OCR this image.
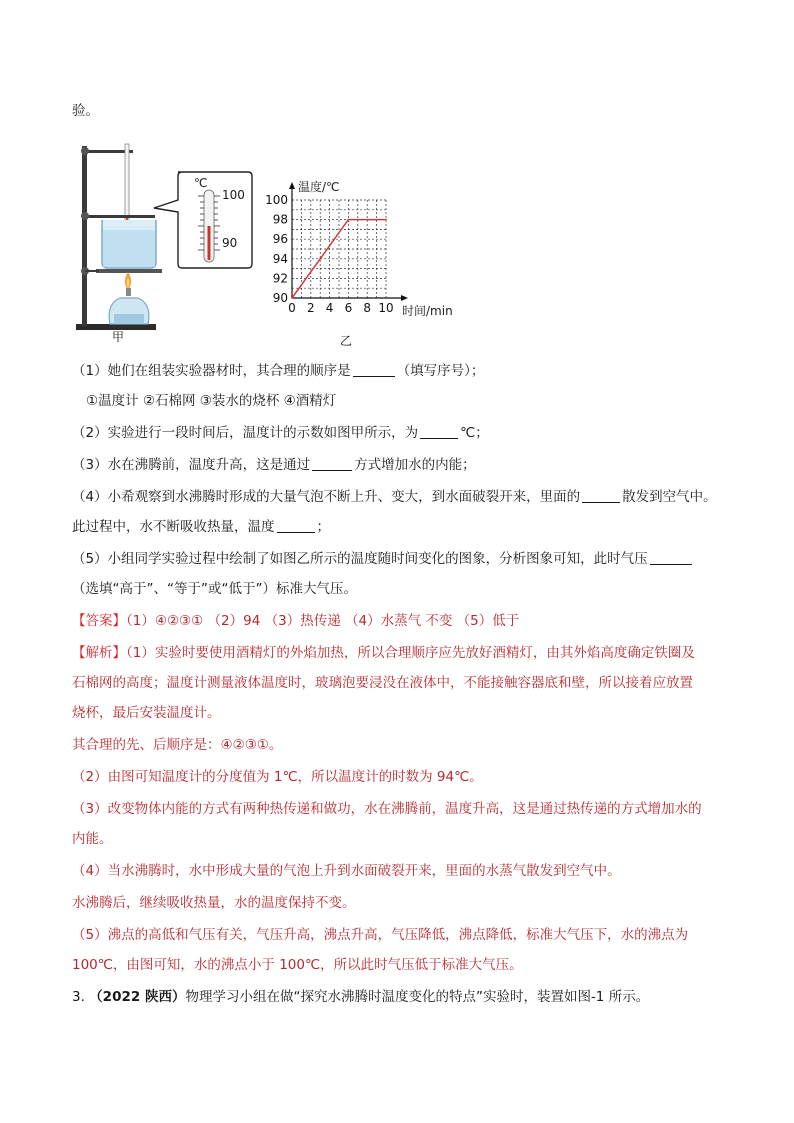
验。
甲
℃
100
90
100
98
96
94
92
90
0 2 4 6 8 10
温度/℃
时间/min
乙
（1）她们在组装实验器材时，其合理的顺序是	（填写序号）；
①温度计 ②石棉网 ③装水的烧杯 ④酒精灯
（2）实验进行一段时间后，温度计的示数如图甲所示，为	℃；
（3）水在沸腾前，温度升高，这是通过	方式增加水的内能；
（4）小希观察到水沸腾时形成的大量气泡不断上升、变大，到水面破裂开来，里面的	散发到空气中。
此过程中，水不断吸收热量，温度	；
（5）小组同学实验过程中绘制了如图乙所示的温度随时间变化的图象，分析图象可知，此时气压
（选填“高于”、“等于”或“低于”）标准大气压。
【答案】（1）④②③① （2）94 （3）热传递 （4）水蒸气 不变 （5）低于
【解析】（1）实验时要使用酒精灯的外焰加热，所以合理顺序应先放好酒精灯，由其外焰高度确定铁圈及
石棉网的高度；温度计测量液体温度时，玻璃泡要浸没在液体中，不能接触容器底和壁，所以接着应放置
烧杯，最后安装温度计。
其合理的先、后顺序是：④②③①。
（2）由图可知温度计的分度值为 1℃，所以温度计的时数为 94℃。
（3）改变物体内能的方式有两种热传递和做功，水在沸腾前，温度升高，这是通过热传递的方式增加水的
内能。
（4）当水沸腾时，水中形成大量的气泡上升到水面破裂开来，里面的水蒸气散发到空气中。
水沸腾后，继续吸收热量，水的温度保持不变。
（5）沸点的高低和气压有关，气压升高，沸点升高，气压降低，沸点降低，标准大气压下，水的沸点为
100℃，由图可知，水的沸点小于 100℃，所以此时气压低于标准大气压。
3. （2022 陕西）物理学习小组在做“探究水沸腾时温度变化的特点”实验时，装置如图-1 所示。
